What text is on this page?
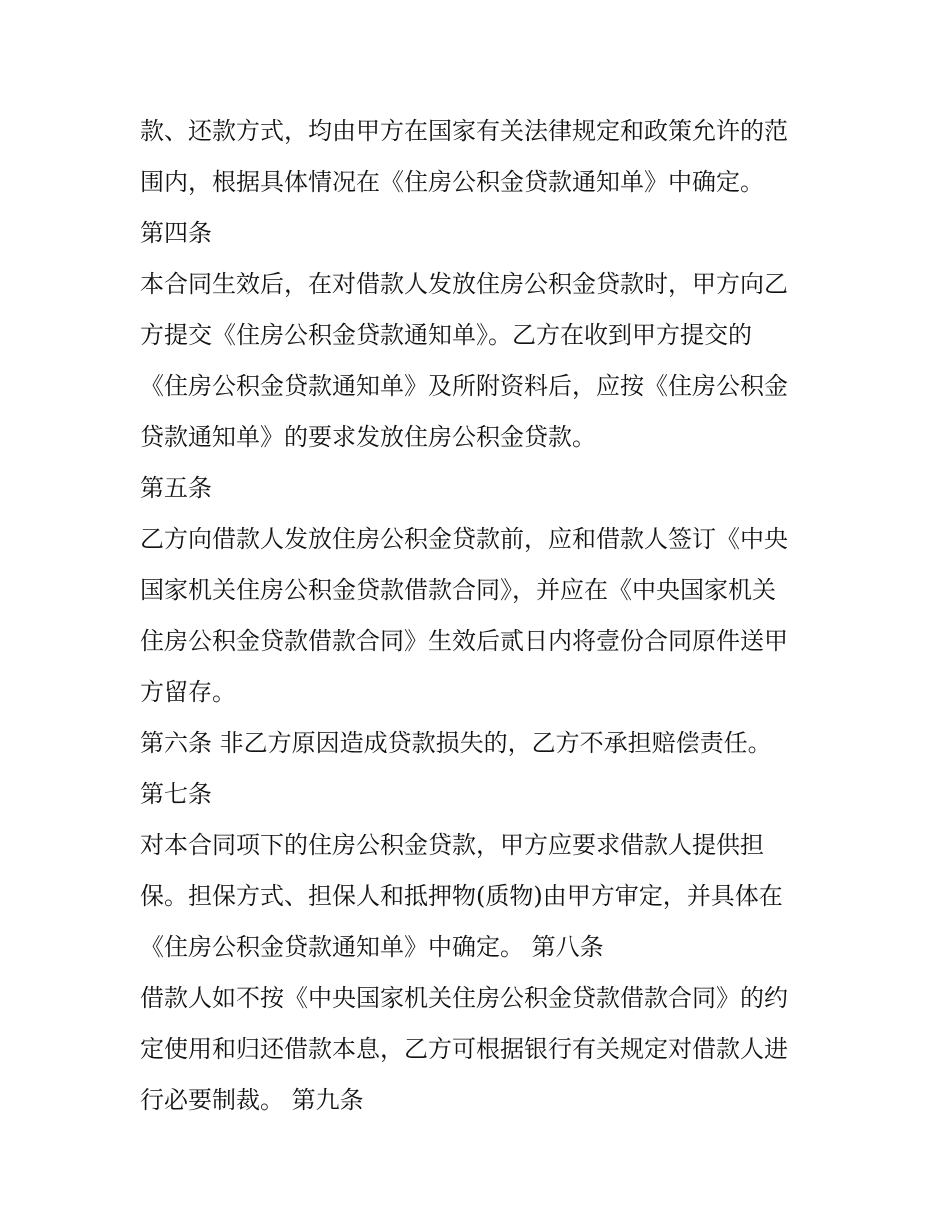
款、还款方式，均由甲方在国家有关法律规定和政策允许的范
围内，根据具体情况在《住房公积金贷款通知单》中确定。
第四条
本合同生效后，在对借款人发放住房公积金贷款时，甲方向乙
方提交《住房公积金贷款通知单》。乙方在收到甲方提交的
《住房公积金贷款通知单》及所附资料后，应按《住房公积金
贷款通知单》的要求发放住房公积金贷款。
第五条
乙方向借款人发放住房公积金贷款前，应和借款人签订《中央
国家机关住房公积金贷款借款合同》，并应在《中央国家机关
住房公积金贷款借款合同》生效后贰日内将壹份合同原件送甲
方留存。
第六条 非乙方原因造成贷款损失的，乙方不承担赔偿责任。
第七条
对本合同项下的住房公积金贷款，甲方应要求借款人提供担
保。担保方式、担保人和抵押物(质物)由甲方审定，并具体在
《住房公积金贷款通知单》中确定。 第八条
借款人如不按《中央国家机关住房公积金贷款借款合同》的约
定使用和归还借款本息，乙方可根据银行有关规定对借款人进
行必要制裁。 第九条
